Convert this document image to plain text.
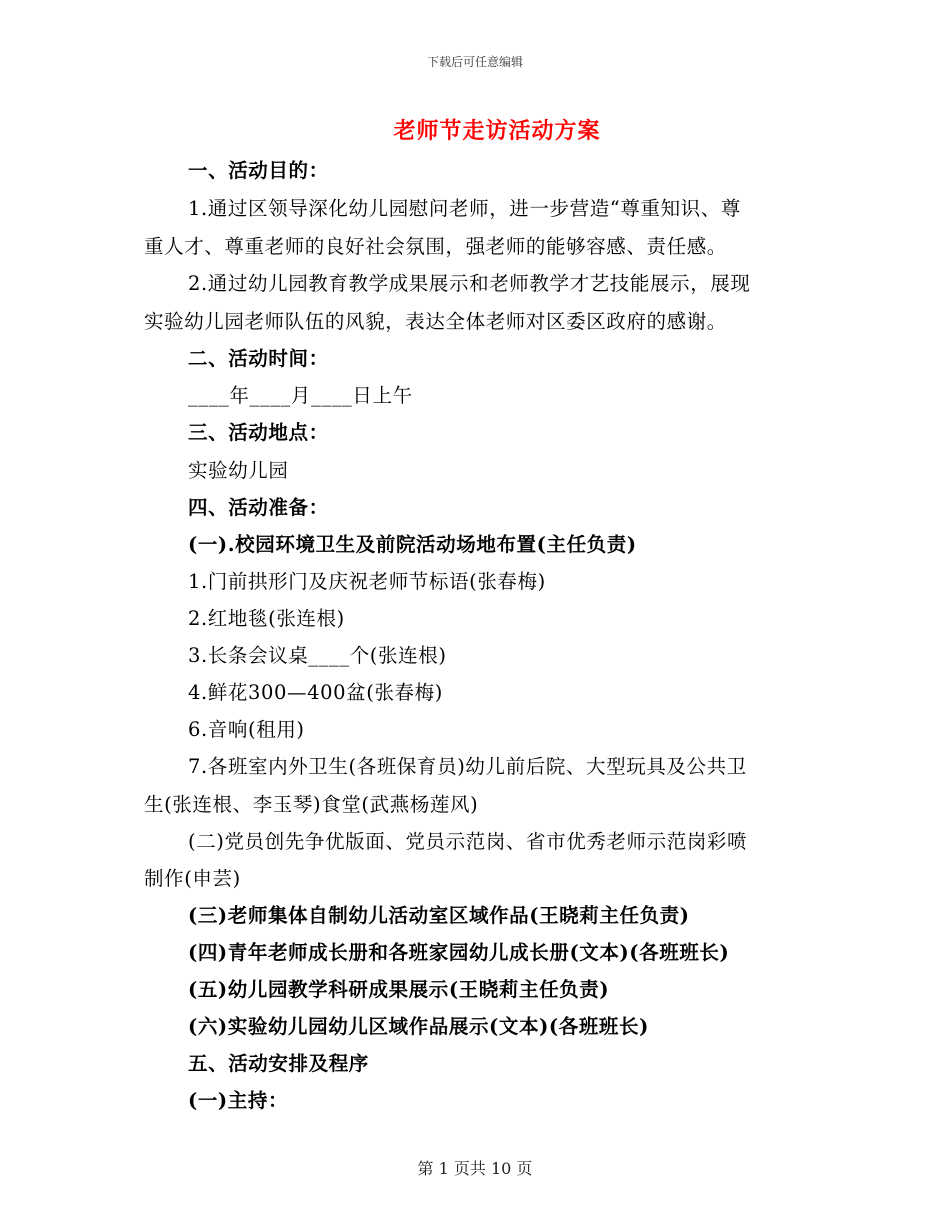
下载后可任意编辑
老师节走访活动方案
一、活动目的：
1.通过区领导深化幼儿园慰问老师，进一步营造“尊重知识、尊
重人才、尊重老师的良好社会氛围，强老师的能够容感、责任感。
2.通过幼儿园教育教学成果展示和老师教学才艺技能展示，展现
实验幼儿园老师队伍的风貌，表达全体老师对区委区政府的感谢。
二、活动时间：
____年____月____日上午
三、活动地点：
实验幼儿园
四、活动准备：
(一).校园环境卫生及前院活动场地布置(主任负责)
1.门前拱形门及庆祝老师节标语(张春梅)
2.红地毯(张连根)
3.长条会议桌____个(张连根)
4.鲜花300—400盆(张春梅)
6.音响(租用)
7.各班室内外卫生(各班保育员)幼儿前后院、大型玩具及公共卫
生(张连根、李玉琴)食堂(武燕杨莲风)
(二)党员创先争优版面、党员示范岗、省市优秀老师示范岗彩喷
制作(申芸)
(三)老师集体自制幼儿活动室区域作品(王晓莉主任负责)
(四)青年老师成长册和各班家园幼儿成长册(文本)(各班班长)
(五)幼儿园教学科研成果展示(王晓莉主任负责)
(六)实验幼儿园幼儿区域作品展示(文本)(各班班长)
五、活动安排及程序
(一)主持：
第 1 页共 10 页
